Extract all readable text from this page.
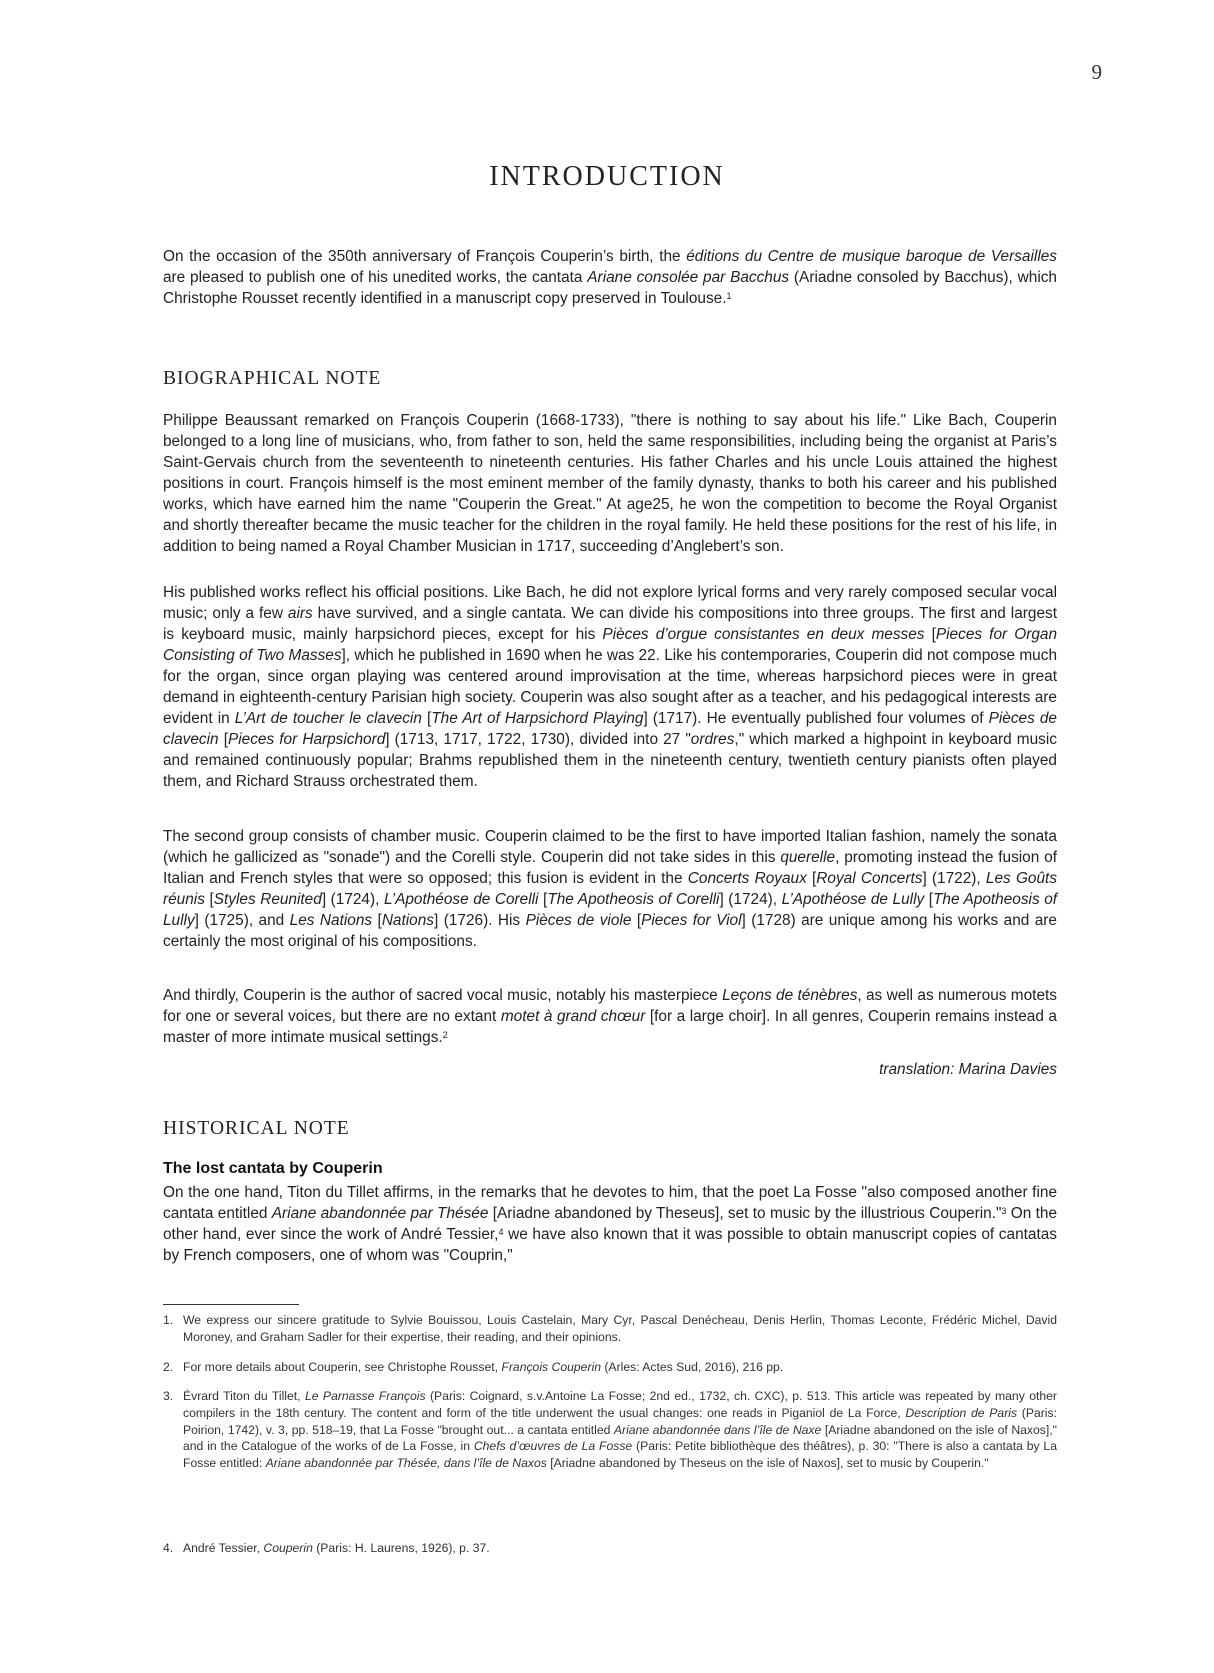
9
INTRODUCTION

On the occasion of the 350th anniversary of François Couperin’s birth, the éditions du Centre de musique baroque de Versailles are pleased to publish one of his unedited works, the cantata Ariane consolée par Bacchus (Ariadne consoled by Bacchus), which Christophe Rousset recently identified in a manuscript copy preserved in Toulouse.$^1$

BIOGRAPHICAL NOTE

Philippe Beaussant remarked on François Couperin (1668-1733), "there is nothing to say about his life." Like Bach, Couperin belonged to a long line of musicians, who, from father to son, held the same responsibilities, including being the organist at Paris’s Saint-Gervais church from the seventeenth to nineteenth centuries. His father Charles and his uncle Louis attained the highest positions in court. François himself is the most eminent member of the family dynasty, thanks to both his career and his published works, which have earned him the name "Couperin the Great." At age25, he won the competition to become the Royal Organist and shortly thereafter became the music teacher for the children in the royal family. He held these positions for the rest of his life, in addition to being named a Royal Chamber Musician in 1717, succeeding d’Anglebert’s son.

His published works reflect his official positions. Like Bach, he did not explore lyrical forms and very rarely composed secular vocal music; only a few airs have survived, and a single cantata. We can divide his compositions into three groups. The first and largest is keyboard music, mainly harpsichord pieces, except for his Pièces d’orgue consistantes en deux messes [Pieces for Organ Consisting of Two Masses], which he published in 1690 when he was 22. Like his contemporaries, Couperin did not compose much for the organ, since organ playing was centered around improvisation at the time, whereas harpsichord pieces were in great demand in eighteenth-century Parisian high society. Couperin was also sought after as a teacher, and his pedagogical interests are evident in L’Art de toucher le clavecin [The Art of Harpsichord Playing] (1717). He eventually published four volumes of Pièces de clavecin [Pieces for Harpsichord] (1713, 1717, 1722, 1730), divided into 27 "ordres," which marked a highpoint in keyboard music and remained continuously popular; Brahms republished them in the nineteenth century, twentieth century pianists often played them, and Richard Strauss orchestrated them.

The second group consists of chamber music. Couperin claimed to be the first to have imported Italian fashion, namely the sonata (which he gallicized as "sonade") and the Corelli style. Couperin did not take sides in this querelle, promoting instead the fusion of Italian and French styles that were so opposed; this fusion is evident in the Concerts Royaux [Royal Concerts] (1722), Les Goûts réunis [Styles Reunited] (1724), L’Apothéose de Corelli [The Apotheosis of Corelli] (1724), L’Apothéose de Lully [The Apotheosis of Lully] (1725), and Les Nations [Nations] (1726). His Pièces de viole [Pieces for Viol] (1728) are unique among his works and are certainly the most original of his compositions.

And thirdly, Couperin is the author of sacred vocal music, notably his masterpiece Leçons de ténèbres, as well as numerous motets for one or several voices, but there are no extant motet à grand chœur [for a large choir]. In all genres, Couperin remains instead a master of more intimate musical settings.$^2$

translation: Marina Davies

HISTORICAL NOTE
The lost cantata by Couperin

On the one hand, Titon du Tillet affirms, in the remarks that he devotes to him, that the poet La Fosse "also composed another fine cantata entitled Ariane abandonnée par Thésée [Ariadne abandoned by Theseus], set to music by the illustrious Couperin."$^3$ On the other hand, ever since the work of André Tessier,$^4$ we have also known that it was possible to obtain manuscript copies of cantatas by French composers, one of whom was "Couprin,"

1. We express our sincere gratitude to Sylvie Bouissou, Louis Castelain, Mary Cyr, Pascal Denécheau, Denis Herlin, Thomas Leconte, Frédéric Michel, David Moroney, and Graham Sadler for their expertise, their reading, and their opinions.
2. For more details about Couperin, see Christophe Rousset, François Couperin (Arles: Actes Sud, 2016), 216 pp.
3. Évrard Titon du Tillet, Le Parnasse François (Paris: Coignard, s.v.Antoine La Fosse; 2nd ed., 1732, ch. CXC), p. 513. This article was repeated by many other compilers in the 18th century. The content and form of the title underwent the usual changes: one reads in Piganiol de La Force, Description de Paris (Paris: Poirion, 1742), v. 3, pp. 518–19, that La Fosse "brought out... a cantata entitled Ariane abandonnée dans l’île de Naxe [Ariadne abandoned on the isle of Naxos]," and in the Catalogue of the works of de La Fosse, in Chefs d’œuvres de La Fosse (Paris: Petite bibliothèque des théâtres), p. 30: "There is also a cantata by La Fosse entitled: Ariane abandonnée par Thésée, dans l’île de Naxos [Ariadne abandoned by Theseus on the isle of Naxos], set to music by Couperin."
4. André Tessier, Couperin (Paris: H. Laurens, 1926), p. 37.
